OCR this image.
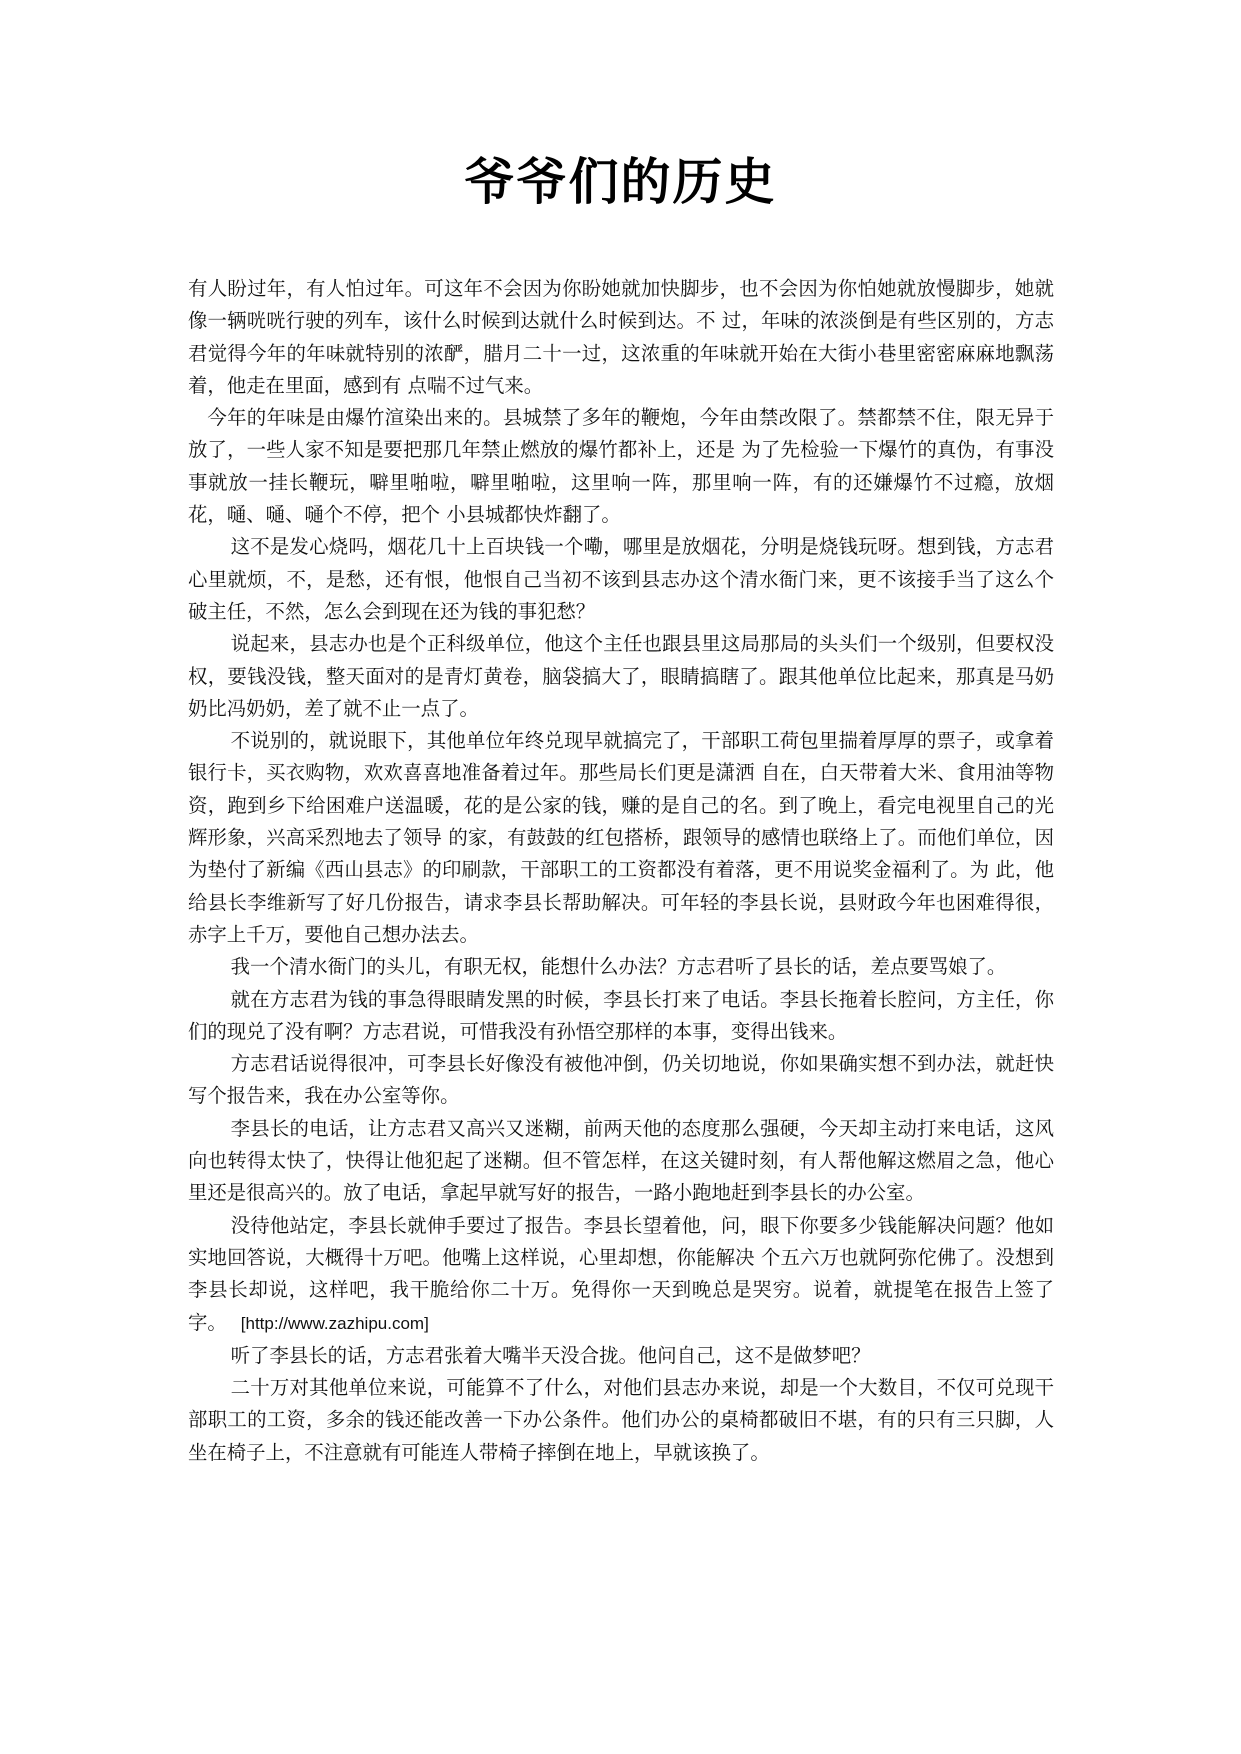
爷爷们的历史

有人盼过年，有人怕过年。可这年不会因为你盼她就加快脚步，也不会因为你怕她就放慢脚步，她就像一辆咣咣行驶的列车，该什么时候到达就什么时候到达。不 过，年味的浓淡倒是有些区别的，方志君觉得今年的年味就特别的浓酽，腊月二十一过，这浓重的年味就开始在大街小巷里密密麻麻地飘荡着，他走在里面，感到有 点喘不过气来。

今年的年味是由爆竹渲染出来的。县城禁了多年的鞭炮，今年由禁改限了。禁都禁不住，限无异于放了，一些人家不知是要把那几年禁止燃放的爆竹都补上，还是 为了先检验一下爆竹的真伪，有事没事就放一挂长鞭玩，噼里啪啦，噼里啪啦，这里响一阵，那里响一阵，有的还嫌爆竹不过瘾，放烟花，嗵、嗵、嗵个不停，把个 小县城都快炸翻了。

这不是发心烧吗，烟花几十上百块钱一个嘞，哪里是放烟花，分明是烧钱玩呀。想到钱，方志君心里就烦，不，是愁，还有恨，他恨自己当初不该到县志办这个清水衙门来，更不该接手当了这么个破主任，不然，怎么会到现在还为钱的事犯愁？

说起来，县志办也是个正科级单位，他这个主任也跟县里这局那局的头头们一个级别，但要权没权，要钱没钱，整天面对的是青灯黄卷，脑袋搞大了，眼睛搞瞎了。跟其他单位比起来，那真是马奶奶比冯奶奶，差了就不止一点了。

不说别的，就说眼下，其他单位年终兑现早就搞完了，干部职工荷包里揣着厚厚的票子，或拿着银行卡，买衣购物，欢欢喜喜地准备着过年。那些局长们更是潇洒 自在，白天带着大米、食用油等物资，跑到乡下给困难户送温暖，花的是公家的钱，赚的是自己的名。到了晚上，看完电视里自己的光辉形象，兴高采烈地去了领导 的家，有鼓鼓的红包搭桥，跟领导的感情也联络上了。而他们单位，因为垫付了新编《西山县志》的印刷款，干部职工的工资都没有着落，更不用说奖金福利了。为 此，他给县长李维新写了好几份报告，请求李县长帮助解决。可年轻的李县长说，县财政今年也困难得很，赤字上千万，要他自己想办法去。

我一个清水衙门的头儿，有职无权，能想什么办法？方志君听了县长的话，差点要骂娘了。

就在方志君为钱的事急得眼睛发黑的时候，李县长打来了电话。李县长拖着长腔问，方主任，你们的现兑了没有啊？方志君说，可惜我没有孙悟空那样的本事，变得出钱来。

方志君话说得很冲，可李县长好像没有被他冲倒，仍关切地说，你如果确实想不到办法，就赶快写个报告来，我在办公室等你。

李县长的电话，让方志君又高兴又迷糊，前两天他的态度那么强硬，今天却主动打来电话，这风向也转得太快了，快得让他犯起了迷糊。但不管怎样，在这关键时刻，有人帮他解这燃眉之急，他心里还是很高兴的。放了电话，拿起早就写好的报告，一路小跑地赶到李县长的办公室。

没待他站定，李县长就伸手要过了报告。李县长望着他，问，眼下你要多少钱能解决问题？他如实地回答说，大概得十万吧。他嘴上这样说，心里却想，你能解决 个五六万也就阿弥佗佛了。没想到李县长却说，这样吧，我干脆给你二十万。免得你一天到晚总是哭穷。说着，就提笔在报告上签了字。 [http://www.zazhipu.com]

听了李县长的话，方志君张着大嘴半天没合拢。他问自己，这不是做梦吧？

二十万对其他单位来说，可能算不了什么，对他们县志办来说，却是一个大数目，不仅可兑现干部职工的工资，多余的钱还能改善一下办公条件。他们办公的桌椅都破旧不堪，有的只有三只脚，人坐在椅子上，不注意就有可能连人带椅子摔倒在地上，早就该换了。
